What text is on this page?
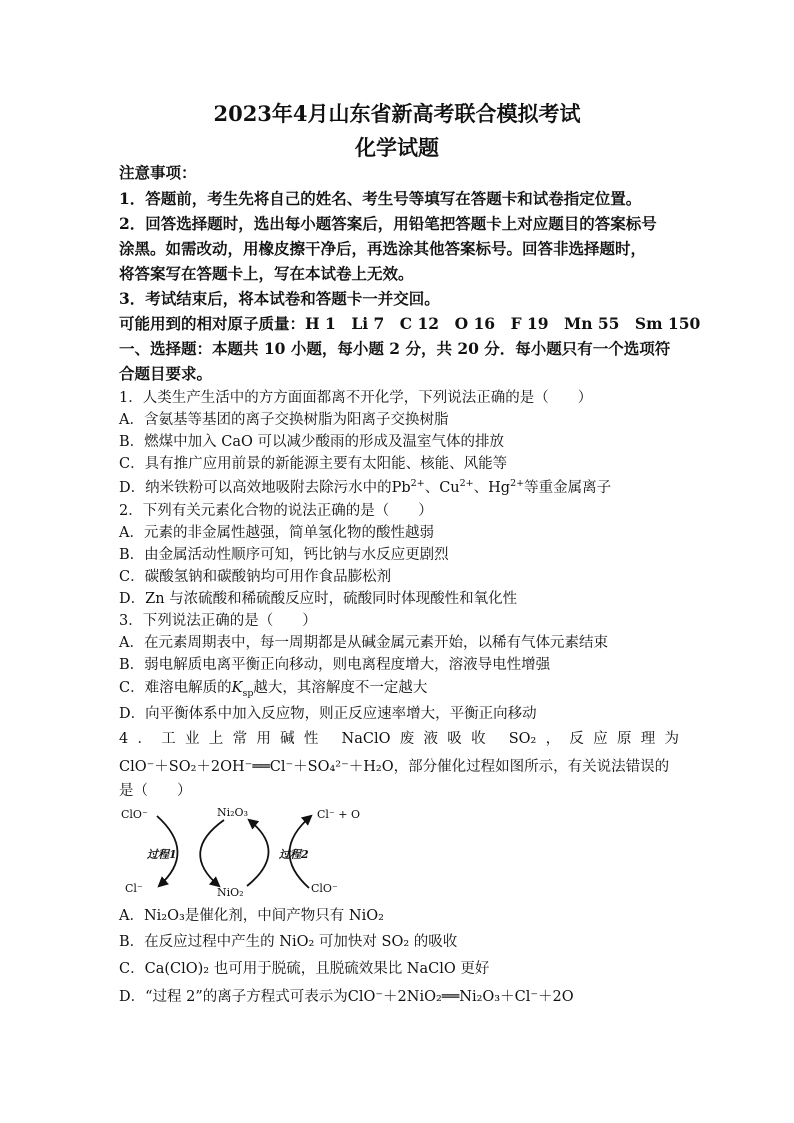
2023年4月山东省新高考联合模拟考试
化学试题
注意事项：
1．答题前，考生先将自己的姓名、考生号等填写在答题卡和试卷指定位置。
2．回答选择题时，选出每小题答案后，用铅笔把答题卡上对应题目的答案标号
涂黑。如需改动，用橡皮擦干净后，再选涂其他答案标号。回答非选择题时，
将答案写在答题卡上，写在本试卷上无效。
3．考试结束后，将本试卷和答题卡一并交回。
可能用到的相对原子质量：H 1　Li 7　C 12　O 16　F 19　Mn 55　Sm 150
一、选择题：本题共 10 小题，每小题 2 分，共 20 分．每小题只有一个选项符
合题目要求。
1．人类生产生活中的方方面面都离不开化学，下列说法正确的是（　　）
A．含氨基等基团的离子交换树脂为阳离子交换树脂
B．燃煤中加入 CaO 可以减少酸雨的形成及温室气体的排放
C．具有推广应用前景的新能源主要有太阳能、核能、风能等
D．纳米铁粉可以高效地吸附去除污水中的$Pb^{2+}$、$Cu^{2+}$、$Hg^{2+}$等重金属离子
2．下列有关元素化合物的说法正确的是（　　）
A．元素的非金属性越强，简单氢化物的酸性越弱
B．由金属活动性顺序可知，钙比钠与水反应更剧烈
C．碳酸氢钠和碳酸钠均可用作食品膨松剂
D．Zn 与浓硫酸和稀硫酸反应时，硫酸同时体现酸性和氧化性
3．下列说法正确的是（　　）
A．在元素周期表中，每一周期都是从碱金属元素开始，以稀有气体元素结束
B．弱电解质电离平衡正向移动，则电离程度增大，溶液导电性增强
C．难溶电解质的$K_{sp}$越大，其溶解度不一定越大
D．向平衡体系中加入反应物，则正反应速率增大，平衡正向移动
4．工业上常用碱性 NaClO废液吸收 SO₂，反应原理为
ClO⁻＋SO₂＋2OH⁻══Cl⁻＋SO₄²⁻＋H₂O，部分催化过程如图所示，有关说法错误的
是（　　）
ClO⁻
Cl⁻
过程1
Ni₂O₃
NiO₂
Cl⁻ + O
过程2
ClO⁻
A．Ni₂O₃是催化剂，中间产物只有 NiO₂
B．在反应过程中产生的 NiO₂ 可加快对 SO₂ 的吸收
C．Ca(ClO)₂ 也可用于脱硫，且脱硫效果比 NaClO 更好
D．“过程 2”的离子方程式可表示为ClO⁻＋2NiO₂══Ni₂O₃＋Cl⁻＋2O
